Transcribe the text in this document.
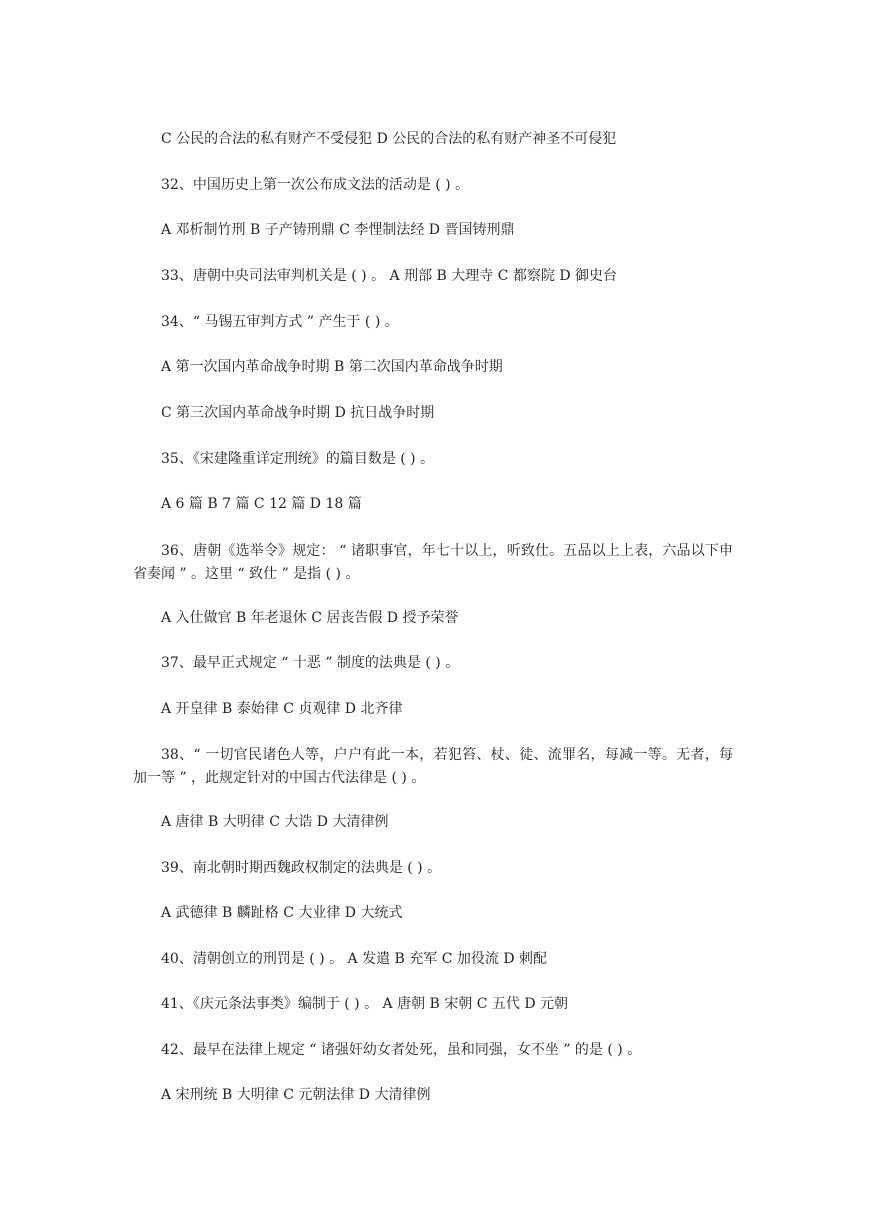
C 公民的合法的私有财产不受侵犯 D 公民的合法的私有财产神圣不可侵犯
32、中国历史上第一次公布成文法的活动是 ( ) 。
A 邓析制竹刑 B 子产铸刑鼎 C 李悝制法经 D 晋国铸刑鼎
33、唐朝中央司法审判机关是 ( ) 。 A 刑部 B 大理寺 C 都察院 D 御史台
34、“ 马锡五审判方式 ” 产生于 ( ) 。
A 第一次国内革命战争时期 B 第二次国内革命战争时期
C 第三次国内革命战争时期 D 抗日战争时期
35、《宋建隆重详定刑统》的篇目数是 ( ) 。
A 6 篇 B 7 篇 C 12 篇 D 18 篇
36、唐朝《选举令》规定： “ 诸职事官，年七十以上，听致仕。五品以上上表，六品以下申省奏闻 ” 。这里 “ 致仕 ” 是指 ( ) 。
A 入仕做官 B 年老退休 C 居丧告假 D 授予荣誉
37、最早正式规定 “ 十恶 ” 制度的法典是 ( ) 。
A 开皇律 B 泰始律 C 贞观律 D 北齐律
38、“ 一切官民诸色人等，户户有此一本，若犯笞、杖、徒、流罪名，每减一等。无者，每加一等 ” ，此规定针对的中国古代法律是 ( ) 。
A 唐律 B 大明律 C 大诰 D 大清律例
39、南北朝时期西魏政权制定的法典是 ( ) 。
A 武德律 B 麟趾格 C 大业律 D 大统式
40、清朝创立的刑罚是 ( ) 。 A 发遣 B 充军 C 加役流 D 刺配
41、《庆元条法事类》编制于 ( ) 。 A 唐朝 B 宋朝 C 五代 D 元朝
42、最早在法律上规定 “ 诸强奸幼女者处死，虽和同强，女不坐 ” 的是 ( ) 。
A 宋刑统 B 大明律 C 元朝法律 D 大清律例
